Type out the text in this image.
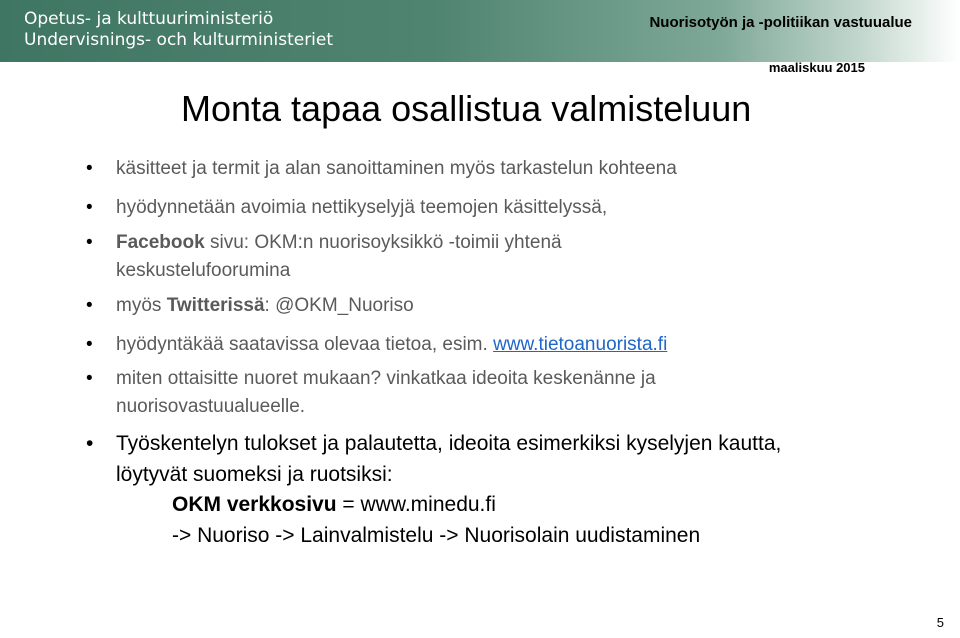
Opetus- ja kulttuuriministeriö
Undervisnings- och kulturministeriet
Nuorisotyön ja -politiikan vastuualue
maaliskuu 2015
Monta tapaa osallistua valmisteluun
käsitteet ja termit ja alan sanoittaminen myös tarkastelun kohteena
hyödynnetään avoimia nettikyselyjä teemojen käsittelyssä,
Facebook sivu: OKM:n nuorisoyksikkö -toimii yhtenä
keskustelufoorumina
myös Twitterissä: @OKM_Nuoriso
hyödyntäkää saatavissa olevaa tietoa, esim. www.tietoanuorista.fi
miten ottaisitte nuoret mukaan? vinkatkaa ideoita keskenänne ja
nuorisovastuualueelle.
Työskentelyn tulokset ja palautetta, ideoita esimerkiksi kyselyjen kautta,
löytyvät suomeksi ja ruotsiksi:
OKM verkkosivu = www.minedu.fi
-> Nuoriso -> Lainvalmistelu -> Nuorisolain uudistaminen
5
